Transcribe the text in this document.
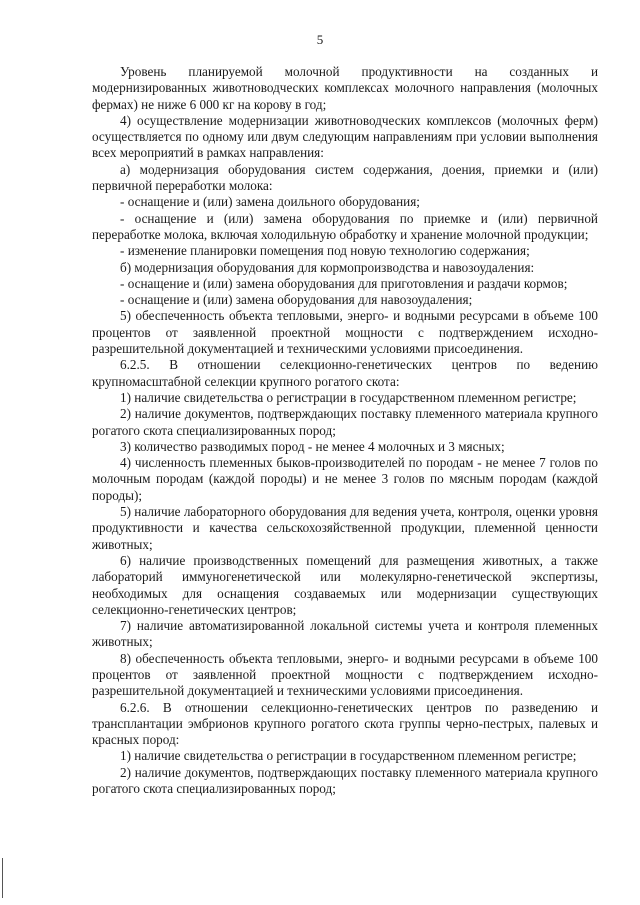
5

Уровень планируемой молочной продуктивности на созданных и модернизированных животноводческих комплексах молочного направления (молочных фермах) не ниже 6 000 кг на корову в год;

4) осуществление модернизации животноводческих комплексов (молочных ферм) осуществляется по одному или двум следующим направлениям при условии выполнения всех мероприятий в рамках направления:

а) модернизация оборудования систем содержания, доения, приемки и (или) первичной переработки молока:

- оснащение и (или) замена доильного оборудования;

- оснащение и (или) замена оборудования по приемке и (или) первичной переработке молока, включая холодильную обработку и хранение молочной продукции;

- изменение планировки помещения под новую технологию содержания;

б) модернизация оборудования для кормопроизводства и навозоудаления:

- оснащение и (или) замена оборудования для приготовления и раздачи кормов;

- оснащение и (или) замена оборудования для навозоудаления;

5) обеспеченность объекта тепловыми, энерго- и водными ресурсами в объеме 100 процентов от заявленной проектной мощности с подтверждением исходно-разрешительной документацией и техническими условиями присоединения.

6.2.5. В отношении селекционно-генетических центров по ведению крупномасштабной селекции крупного рогатого скота:

1) наличие свидетельства о регистрации в государственном племенном регистре;

2) наличие документов, подтверждающих поставку племенного материала крупного рогатого скота специализированных пород;

3) количество разводимых пород - не менее 4 молочных и 3 мясных;

4) численность племенных быков-производителей по породам - не менее 7 голов по молочным породам (каждой породы) и не менее 3 голов по мясным породам (каждой породы);

5) наличие лабораторного оборудования для ведения учета, контроля, оценки уровня продуктивности и качества сельскохозяйственной продукции, племенной ценности животных;

6) наличие производственных помещений для размещения животных, а также лабораторий иммуногенетической или молекулярно-генетической экспертизы, необходимых для оснащения создаваемых или модернизации существующих селекционно-генетических центров;

7) наличие автоматизированной локальной системы учета и контроля племенных животных;

8) обеспеченность объекта тепловыми, энерго- и водными ресурсами в объеме 100 процентов от заявленной проектной мощности с подтверждением исходно-разрешительной документацией и техническими условиями присоединения.

6.2.6. В отношении селекционно-генетических центров по разведению и трансплантации эмбрионов крупного рогатого скота группы черно-пестрых, палевых и красных пород:

1) наличие свидетельства о регистрации в государственном племенном регистре;

2) наличие документов, подтверждающих поставку племенного материала крупного рогатого скота специализированных пород;
